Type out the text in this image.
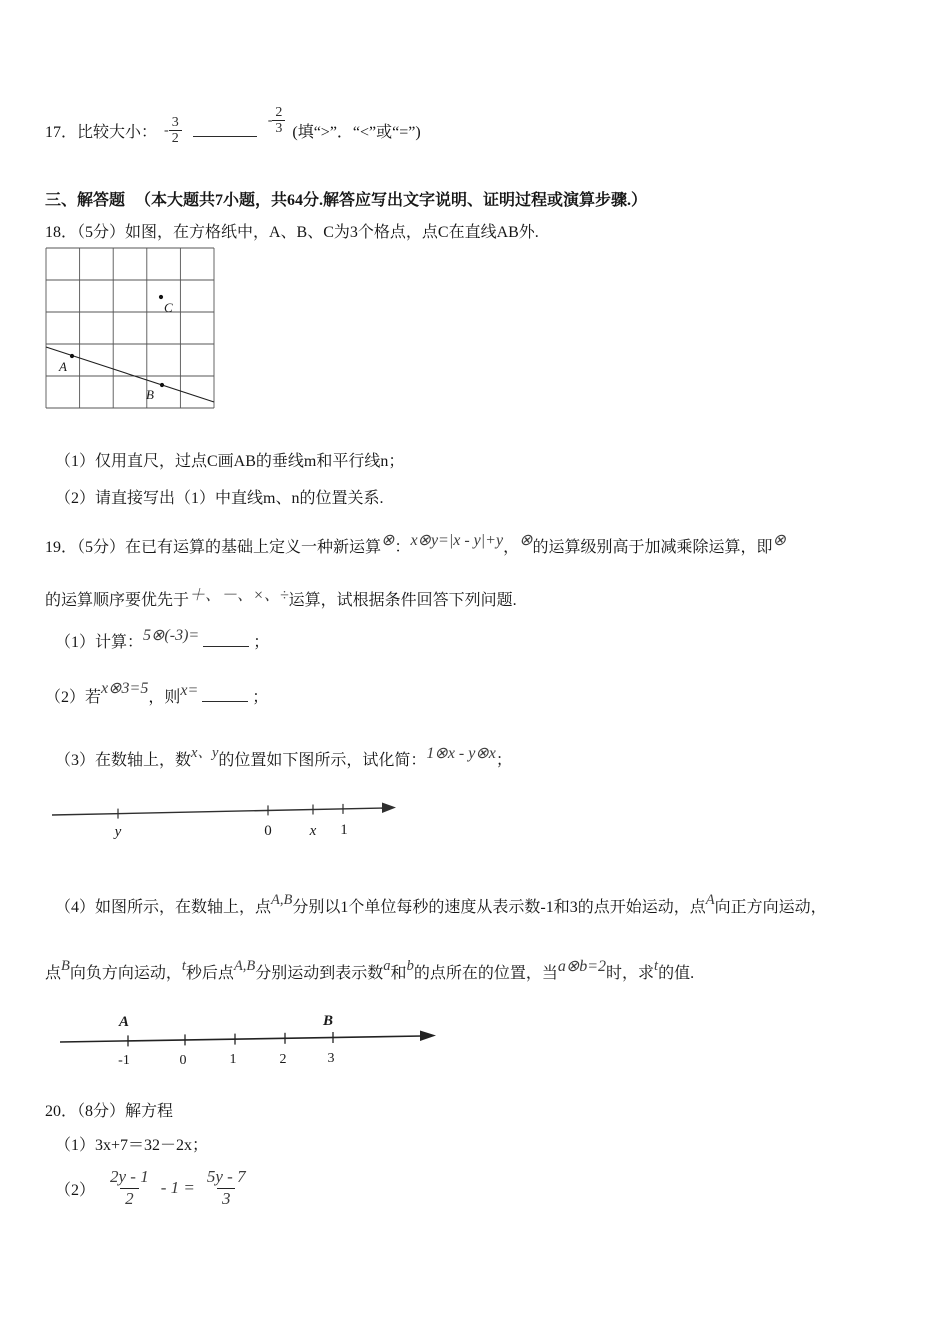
17．比较大小： - $\frac{3}{2}$
	- $\frac{2}{3}$ (填“>”．“<”或“=”)
三、解答题 （本大题共7小题，共64分.解答应写出文字说明、证明过程或演算步骤.）
18．（5分）如图，在方格纸中，A、B、C为3个格点，点C在直线AB外.
A
B
C
（1）仅用直尺，过点C画AB的垂线m和平行线n；
（2）请直接写出（1）中直线m、n的位置关系.
19．（5分）在已有运算的基础上定义一种新运算⊗：x⊗y=|x - y|+y，⊗的运算级别高于加减乘除运算，即⊗
的运算顺序要优先于＋、－、×、÷运算，试根据条件回答下列问题.
（1）计算：5⊗(-3)=	；
（2）若x⊗3=5，则x=	；
（3）在数轴上，数x、y的位置如下图所示，试化简：1⊗x - y⊗x；
y	0	x 1
（4）如图所示，在数轴上，点A,B分别以1个单位每秒的速度从表示数-1和3的点开始运动，点A向正方向运动，
点B向负方向运动，t秒后点A,B分别运动到表示数a和b的点所在的位置，当a⊗b=2时，求t的值.
A	B
-1	0	1	2	3
20．（8分）解方程
（1）3x+7＝32－2x；
$(2) \frac{2y - 1}{2} - 1 = \frac{5y - 7}{3}$
